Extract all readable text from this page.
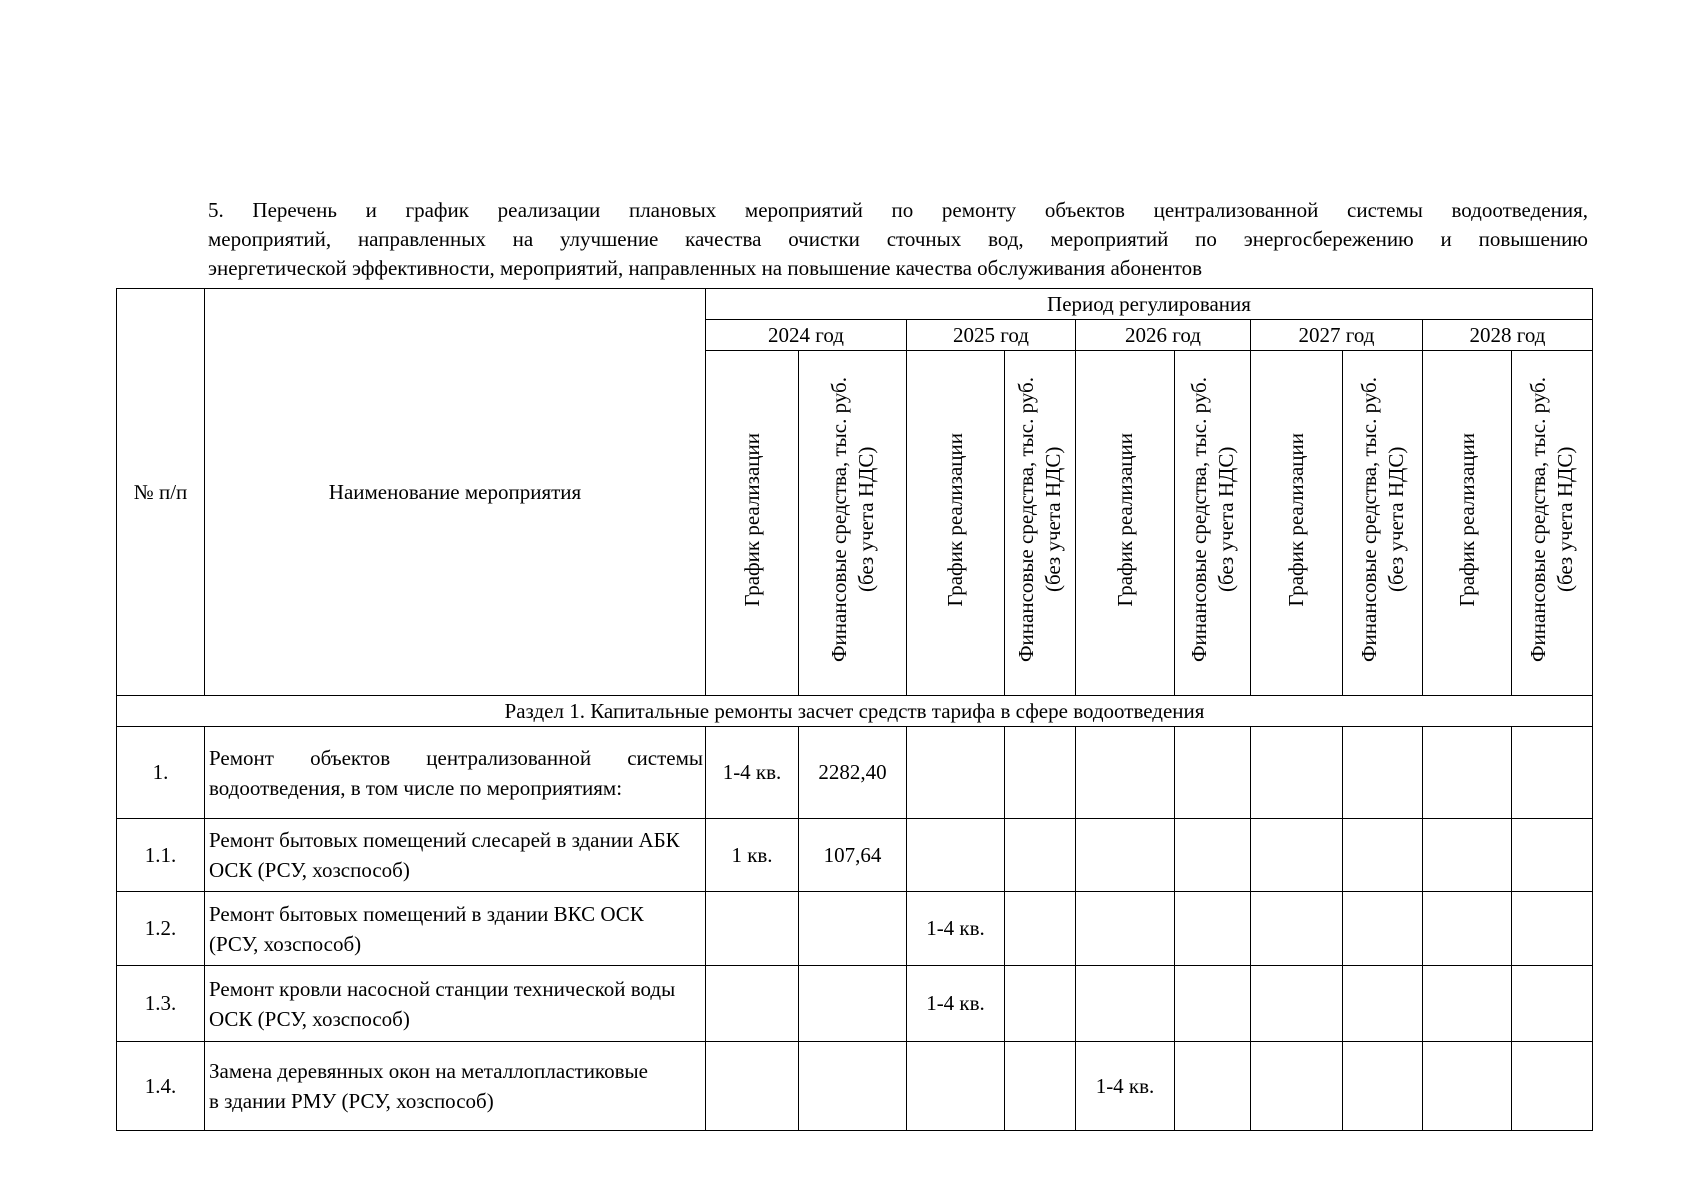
5. Перечень и график реализации плановых мероприятий по ремонту объектов централизованной системы водоотведения,
мероприятий, направленных на улучшение качества очистки сточных вод, мероприятий по энергосбережению и повышению
энергетической эффективности, мероприятий, направленных на повышение качества обслуживания абонентов
№ п/п	Наименование мероприятия	Период регулирования									
		2024 год		2025 год		2026 год		2027 год		2028 год	
		График реализации	Финансовые средства, тыс. руб. (без учета НДС)	График реализации	Финансовые средства, тыс. руб. (без учета НДС)	График реализации	Финансовые средства, тыс. руб. (без учета НДС)	График реализации	Финансовые средства, тыс. руб. (без учета НДС)	График реализации	Финансовые средства, тыс. руб. (без учета НДС)
Раздел 1. Капитальные ремонты засчет средств тарифа в сфере водоотведения											
1.	Ремонт объектов централизованной системы водоотведения, в том числе по мероприятиям:	1-4 кв.	2282,40								
1.1.	Ремонт бытовых помещений слесарей в здании АБК ОСК (РСУ, хозспособ)	1 кв.	107,64								
1.2.	Ремонт бытовых помещений в здании ВКС ОСК (РСУ, хозспособ)			1-4 кв.							
1.3.	Ремонт кровли насосной станции технической воды ОСК (РСУ, хозспособ)			1-4 кв.							
1.4.	Замена деревянных окон на металлопластиковые в здании РМУ (РСУ, хозспособ)					1-4 кв.					
